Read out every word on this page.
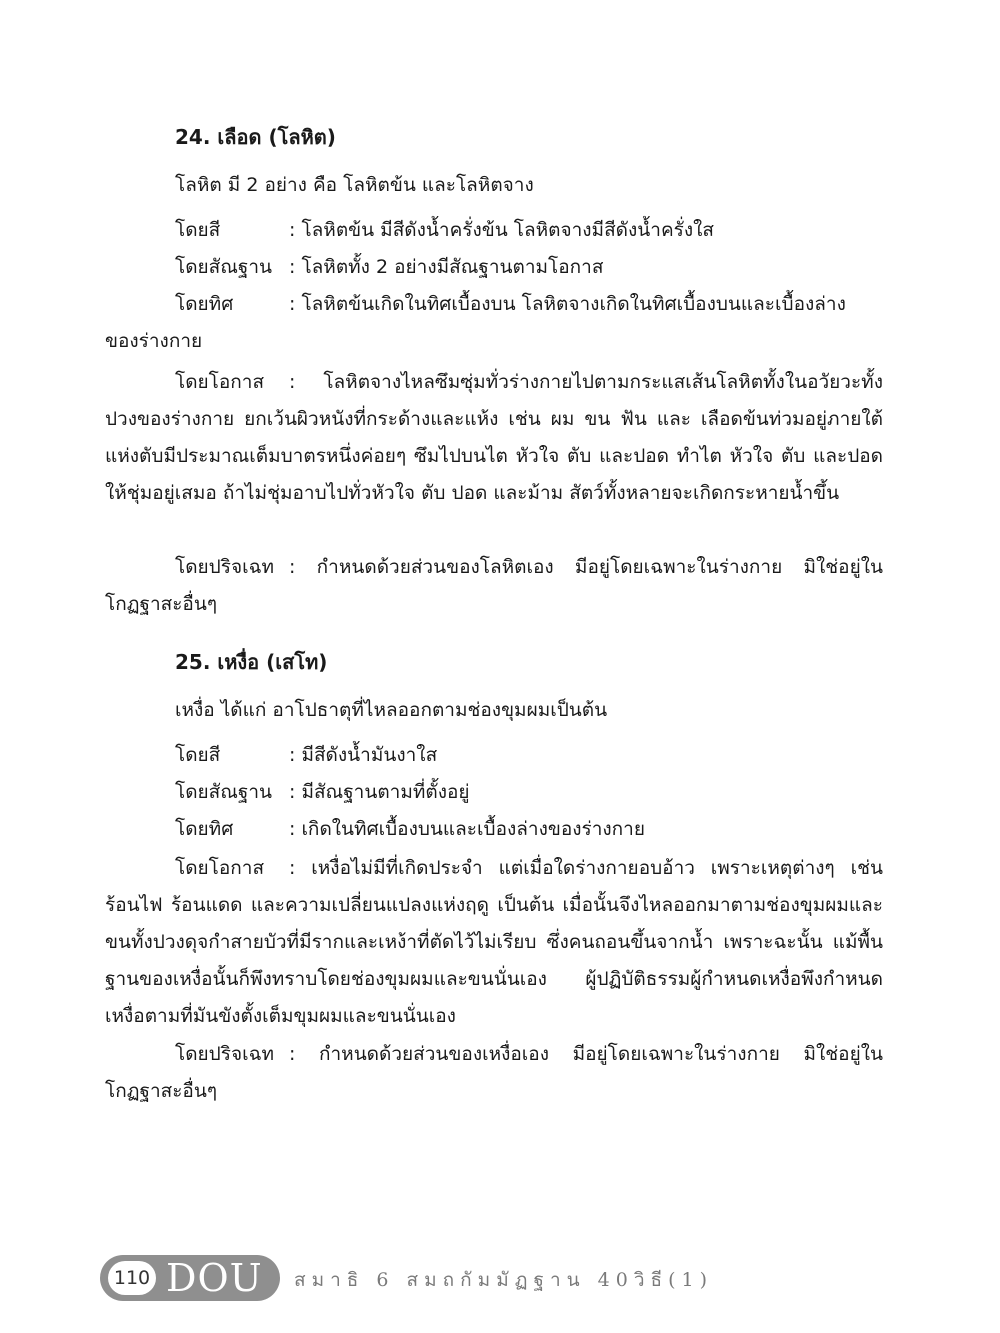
24. เลือด (โลหิต)
โลหิต มี 2 อย่าง คือ โลหิตข้น และโลหิตจาง
โดยสี	: โลหิตข้น มีสีดังน้ำครั่งข้น โลหิตจางมีสีดังน้ำครั่งใส
โดยสัณฐาน : โลหิตทั้ง 2 อย่างมีสัณฐานตามโอกาส
โดยทิศ	: โลหิตข้นเกิดในทิศเบื้องบน โลหิตจางเกิดในทิศเบื้องบนและเบื้องล่าง
ของร่างกาย
โดยโอกาส : โลหิตจางไหลซึมซุ่มทั่วร่างกายไปตามกระแสเส้นโลหิตทั้งในอวัยวะทั้งปวงของร่างกาย ยกเว้นผิวหนังที่กระด้างและแห้ง เช่น ผม ขน ฟัน และ เลือดข้นท่วมอยู่ภายใต้แห่งตับมีประมาณเต็มบาตรหนึ่งค่อยๆ ซึมไปบนไต หัวใจ ตับ และปอด ทำไต หัวใจ ตับ และปอดให้ชุ่มอยู่เสมอ ถ้าไม่ชุ่มอาบไปทั่วหัวใจ ตับ ปอด และม้าม สัตว์ทั้งหลายจะเกิดกระหายน้ำขึ้น
โดยปริจเฉท : กำหนดด้วยส่วนของโลหิตเอง มีอยู่โดยเฉพาะในร่างกาย มิใช่อยู่ในโกฏฐาสะอื่นๆ
25. เหงื่อ (เสโท)
เหงื่อ ได้แก่ อาโปธาตุที่ไหลออกตามช่องขุมผมเป็นต้น
โดยสี	: มีสีดังน้ำมันงาใส
โดยสัณฐาน : มีสัณฐานตามที่ตั้งอยู่
โดยทิศ	: เกิดในทิศเบื้องบนและเบื้องล่างของร่างกาย
โดยโอกาส : เหงื่อไม่มีที่เกิดประจำ แต่เมื่อใดร่างกายอบอ้าว เพราะเหตุต่างๆ เช่น ร้อนไฟ ร้อนแดด และความเปลี่ยนแปลงแห่งฤดู เป็นต้น เมื่อนั้นจึงไหลออกมาตามช่องขุมผมและขนทั้งปวงดุจกำสายบัวที่มีรากและเหง้าที่ตัดไว้ไม่เรียบ ซึ่งคนถอนขึ้นจากน้ำ เพราะฉะนั้น แม้พื้นฐานของเหงื่อนั้นก็พึงทราบโดยช่องขุมผมและขนนั่นเอง ผู้ปฏิบัติธรรมผู้กำหนดเหงื่อพึงกำหนดเหงื่อตามที่มันขังตั้งเต็มขุมผมและขนนั่นเอง
โดยปริจเฉท : กำหนดด้วยส่วนของเหงื่อเอง มีอยู่โดยเฉพาะในร่างกาย มิใช่อยู่ในโกฏฐาสะอื่นๆ
110 DOU สมาธิ 6 สมถกัมมัฏฐาน 40วิธี(1)
